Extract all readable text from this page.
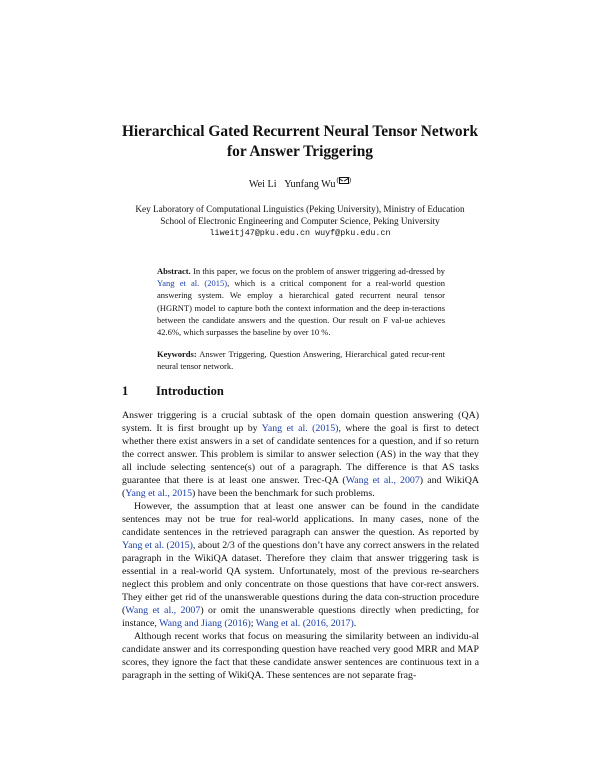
Hierarchical Gated Recurrent Neural Tensor Network
for Answer Triggering
Wei Li Yunfang Wu( )
Key Laboratory of Computational Linguistics (Peking University), Ministry of Education
School of Electronic Engineering and Computer Science, Peking University
liweitj47@pku.edu.cn wuyf@pku.edu.cn
Abstract. In this paper, we focus on the problem of answer triggering ad-dressed by Yang et al. (2015), which is a critical component for a real-world question answering system. We employ a hierarchical gated recurrent neural tensor (HGRNT) model to capture both the context information and the deep in-teractions between the candidate answers and the question. Our result on F val-ue achieves 42.6%, which surpasses the baseline by over 10 %.
Keywords: Answer Triggering, Question Answering, Hierarchical gated recur-rent neural tensor network.
1 Introduction

Answer triggering is a crucial subtask of the open domain question answering (QA) system. It is first brought up by Yang et al. (2015), where the goal is first to detect whether there exist answers in a set of candidate sentences for a question, and if so return the correct answer. This problem is similar to answer selection (AS) in the way that they all include selecting sentence(s) out of a paragraph. The difference is that AS tasks guarantee that there is at least one answer. Trec-QA (Wang et al., 2007) and WikiQA (Yang et al., 2015) have been the benchmark for such problems.

However, the assumption that at least one answer can be found in the candidate sentences may not be true for real-world applications. In many cases, none of the candidate sentences in the retrieved paragraph can answer the question. As reported by Yang et al. (2015), about 2/3 of the questions don’t have any correct answers in the related paragraph in the WikiQA dataset. Therefore they claim that answer triggering task is essential in a real-world QA system. Unfortunately, most of the previous re-searchers neglect this problem and only concentrate on those questions that have cor-rect answers. They either get rid of the unanswerable questions during the data con-struction procedure (Wang et al., 2007) or omit the unanswerable questions directly when predicting, for instance, Wang and Jiang (2016); Wang et al. (2016, 2017).

Although recent works that focus on measuring the similarity between an individu-al candidate answer and its corresponding question have reached very good MRR and MAP scores, they ignore the fact that these candidate answer sentences are continuous text in a paragraph in the setting of WikiQA. These sentences are not separate frag-
